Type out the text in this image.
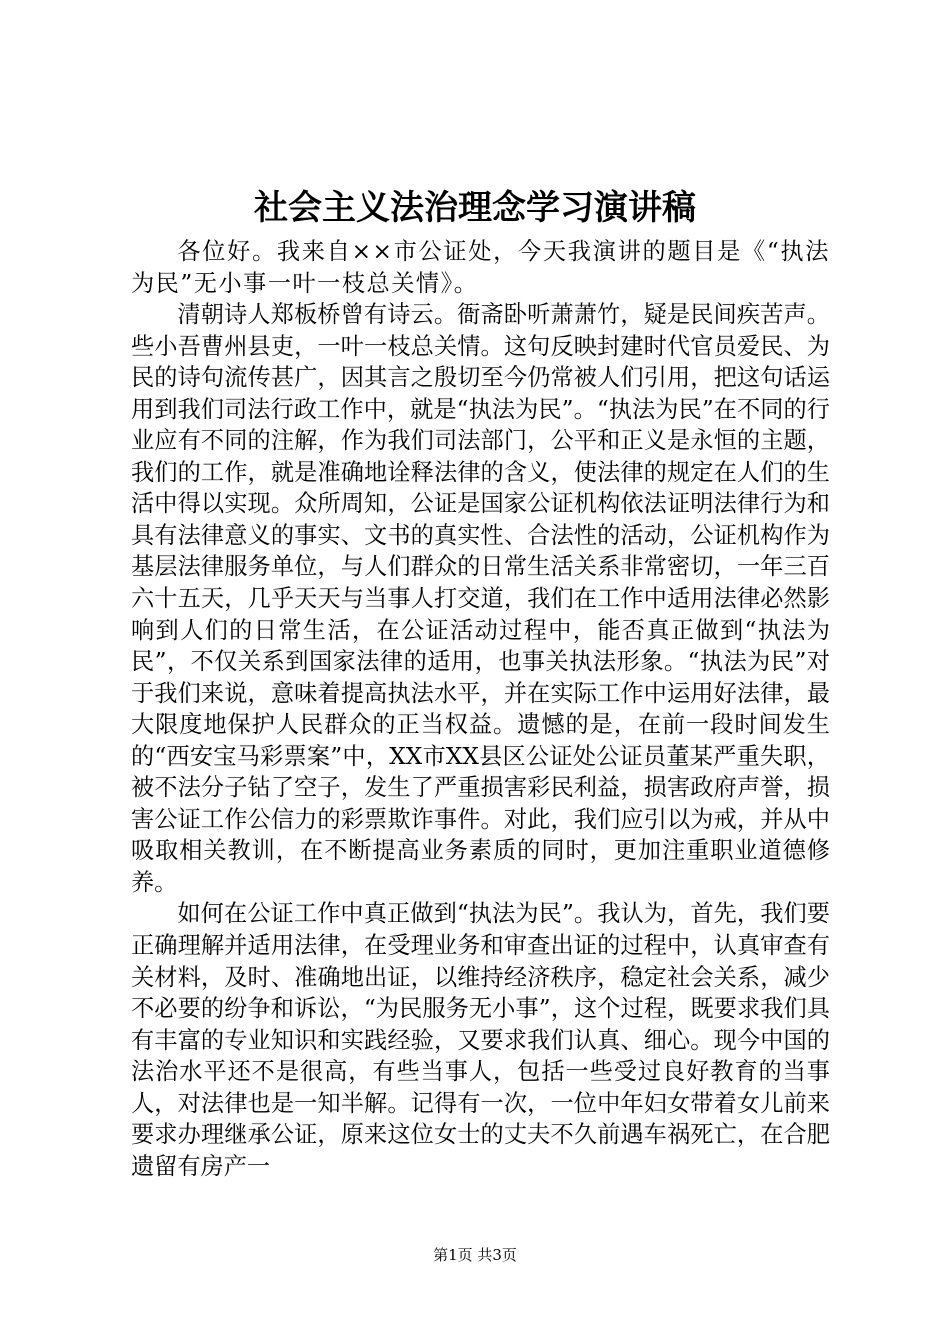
社会主义法治理念学习演讲稿

各位好。我来自××市公证处，今天我演讲的题目是《“执法为民”无小事一叶一枝总关情》。

清朝诗人郑板桥曾有诗云。衙斋卧听萧萧竹，疑是民间疾苦声。些小吾曹州县吏，一叶一枝总关情。这句反映封建时代官员爱民、为民的诗句流传甚广，因其言之殷切至今仍常被人们引用，把这句话运用到我们司法行政工作中，就是“执法为民”。“执法为民”在不同的行业应有不同的注解，作为我们司法部门，公平和正义是永恒的主题，我们的工作，就是准确地诠释法律的含义，使法律的规定在人们的生活中得以实现。众所周知，公证是国家公证机构依法证明法律行为和具有法律意义的事实、文书的真实性、合法性的活动，公证机构作为基层法律服务单位，与人们群众的日常生活关系非常密切，一年三百六十五天，几乎天天与当事人打交道，我们在工作中适用法律必然影响到人们的日常生活，在公证活动过程中，能否真正做到“执法为民”，不仅关系到国家法律的适用，也事关执法形象。“执法为民”对于我们来说，意味着提高执法水平，并在实际工作中运用好法律，最大限度地保护人民群众的正当权益。遗憾的是，在前一段时间发生的“西安宝马彩票案”中，XX市XX县区公证处公证员董某严重失职，被不法分子钻了空子，发生了严重损害彩民利益，损害政府声誉，损害公证工作公信力的彩票欺诈事件。对此，我们应引以为戒，并从中吸取相关教训，在不断提高业务素质的同时，更加注重职业道德修养。

如何在公证工作中真正做到“执法为民”。我认为，首先，我们要正确理解并适用法律，在受理业务和审查出证的过程中，认真审查有关材料，及时、准确地出证，以维持经济秩序，稳定社会关系，减少不必要的纷争和诉讼，“为民服务无小事”，这个过程，既要求我们具有丰富的专业知识和实践经验，又要求我们认真、细心。现今中国的法治水平还不是很高，有些当事人，包括一些受过良好教育的当事人，对法律也是一知半解。记得有一次，一位中年妇女带着女儿前来要求办理继承公证，原来这位女士的丈夫不久前遇车祸死亡，在合肥遗留有房产一

第1页 共3页
